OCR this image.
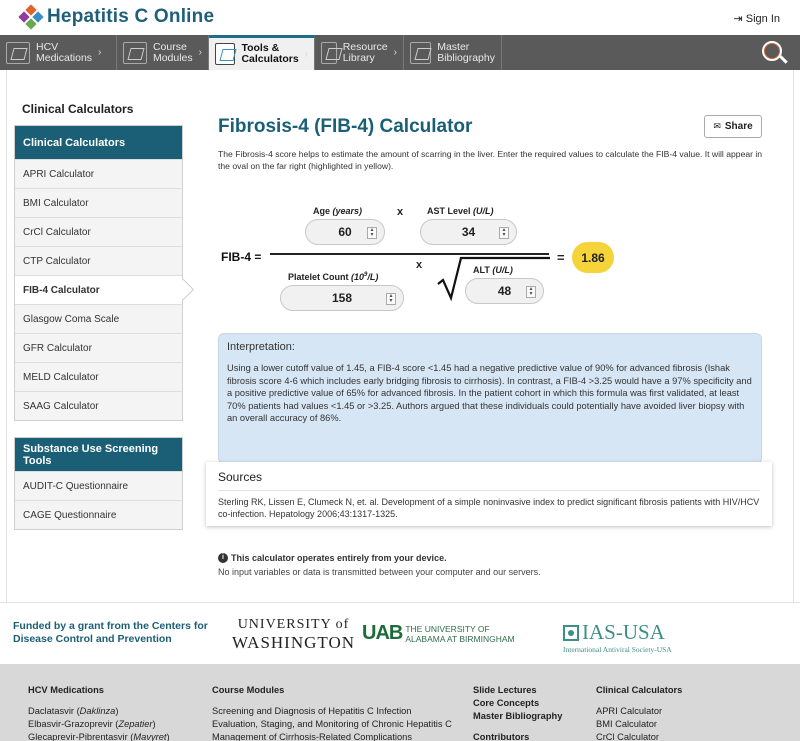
Hepatitis C Online	⇥ Sign In
HCV
Medications ›	Course
Modules ›	Tools &
Calculators ›
Resource
Library	›	Master
Bibliography
Clinical Calculators
Clinical Calculators
APRI Calculator
BMI Calculator
CrCl Calculator
CTP Calculator
FIB-4 Calculator
Glasgow Coma Scale
GFR Calculator
MELD Calculator
SAAG Calculator
Substance Use Screening Tools
AUDIT-C Questionnaire
CAGE Questionnaire
Fibrosis-4 (FIB-4) Calculator	✉ Share
The Fibrosis-4 score helps to estimate the amount of scarring in the liver. Enter the required values to calculate the FIB-4 value. It will appear in the oval on the far right (highlighted in yellow).
Age (years)
60	▴
▾
x	AST Level (U/L)
34	▴
▾
FIB-4 =	=	1.86
Platelet Count $(10^9/L)$
158	▴
▾
x	ALT (U/L)
48	▴
▾
Interpretation:
Using a lower cutoff value of 1.45, a FIB-4 score <1.45 had a negative predictive value of 90% for advanced fibrosis (Ishak fibrosis score 4-6 which includes early bridging fibrosis to cirrhosis). In contrast, a FIB-4 >3.25 would have a 97% specificity and a positive predictive value of 65% for advanced fibrosis. In the patient cohort in which this formula was first validated, at least 70% patients had values <1.45 or >3.25. Authors argued that these individuals could potentially have avoided liver biopsy with an overall accuracy of 86%.
Sources
Sterling RK, Lissen E, Clumeck N, et. al. Development of a simple noninvasive index to predict significant fibrosis patients with HIV/HCV co-infection. Hepatology 2006;43:1317-1325.
i This calculator operates entirely from your device.
No input variables or data is transmitted between your computer and our servers.
Funded by a grant from the Centers for Disease Control and Prevention
UNIVERSITY of
WASHINGTON UAB THE UNIVERSITY OF
ALABAMA AT BIRMINGHAM	IAS-USA
International Antiviral Society-USA
HCV Medications
Daclatasvir (Daklinza)
Elbasvir-Grazoprevir (Zepatier)
Glecaprevir-Pibrentasvir (Mavyret)
Course Modules
Screening and Diagnosis of Hepatitis C Infection
Evaluation, Staging, and Monitoring of Chronic Hepatitis C
Management of Cirrhosis-Related Complications
Slide Lectures
Core Concepts
Master Bibliography
Contributors
Clinical Calculators
APRI Calculator
BMI Calculator
CrCl Calculator
